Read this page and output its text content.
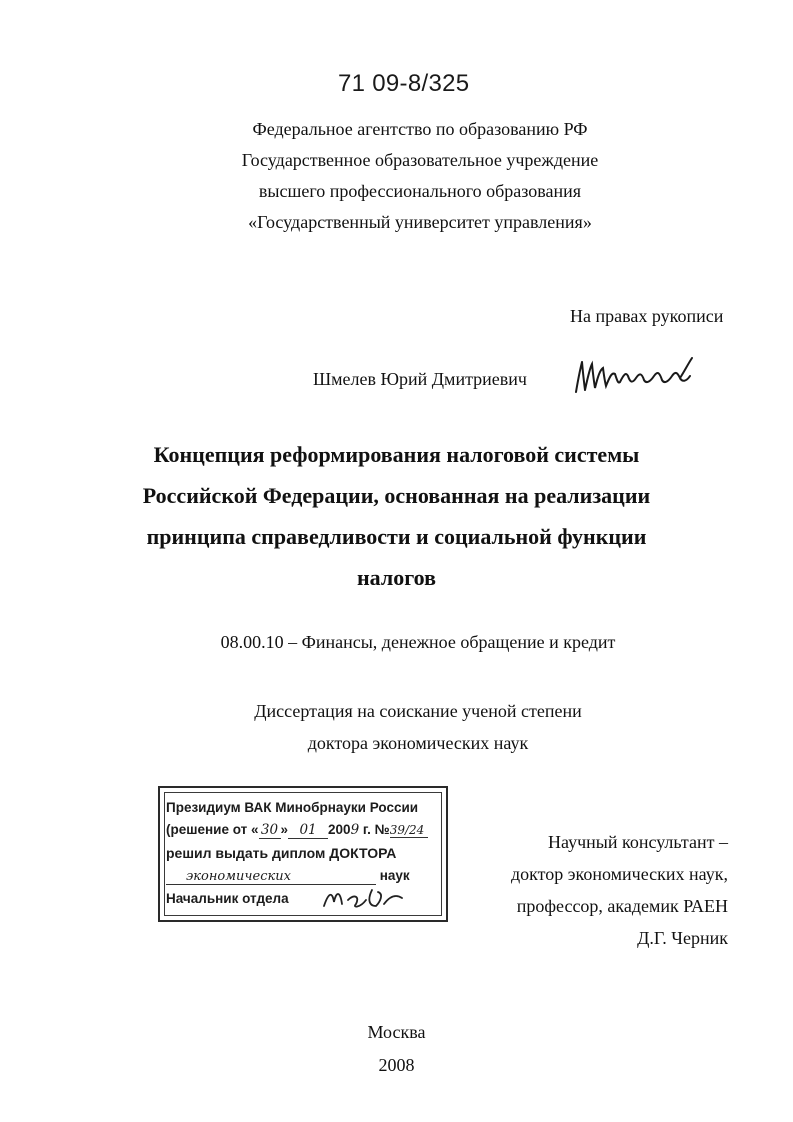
71 09-8/325
Федеральное агентство по образованию РФ
Государственное образовательное учреждение
высшего профессионального образования
«Государственный университет управления»
На правах рукописи
Шмелев Юрий Дмитриевич
Концепция реформирования налоговой системы
Российской Федерации, основанная на реализации
принципа справедливости и социальной функции
налогов
08.00.10 – Финансы, денежное обращение и кредит
Диссертация на соискание ученой степени
доктора экономических наук
Президиум ВАК Минобрнауки России
(решение от « 30 » 01 2009 г. №39/24
решил выдать диплом ДОКТОРА
экономических	наук
Начальник отдела
Научный консультант –
доктор экономических наук,
профессор, академик РАЕН
Д.Г. Черник
Москва
2008
